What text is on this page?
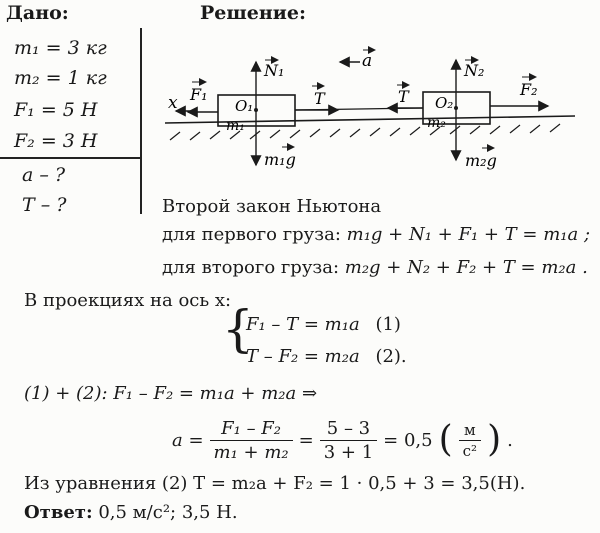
Дано:	Решение:
m₁ = 3 кг
m₂ = 1 кг
F₁ = 5 Н
F₂ = 3 Н
a – ?
T – ?
x	O₁
m₁
O₂
m₂
a
N₁
m₁g
F₁	T	T
N₂
m₂g
F₂
Второй закон Ньютона
для первого груза: m₁g + N₁ + F₁ + T = m₁a ;
для второго груза: m₂g + N₂ + F₂ + T = m₂a .
В проекциях на ось x:
{
F₁ – T = m₁a (1)
T – F₂ = m₂a (2).
(1) + (2): F₁ – F₂ = m₁a + m₂a ⇒
$a = \frac{\text{F₁ – F₂}}{\text{m₁ + m₂}} = \frac{5 - 3}{3 + 1} = 0,5$ ( $\frac{м}{\text{с²}}$ ) .
Из уравнения (2) T = m₂a + F₂ = 1 · 0,5 + 3 = 3,5(Н).
Ответ: 0,5 м/с²; 3,5 Н.
